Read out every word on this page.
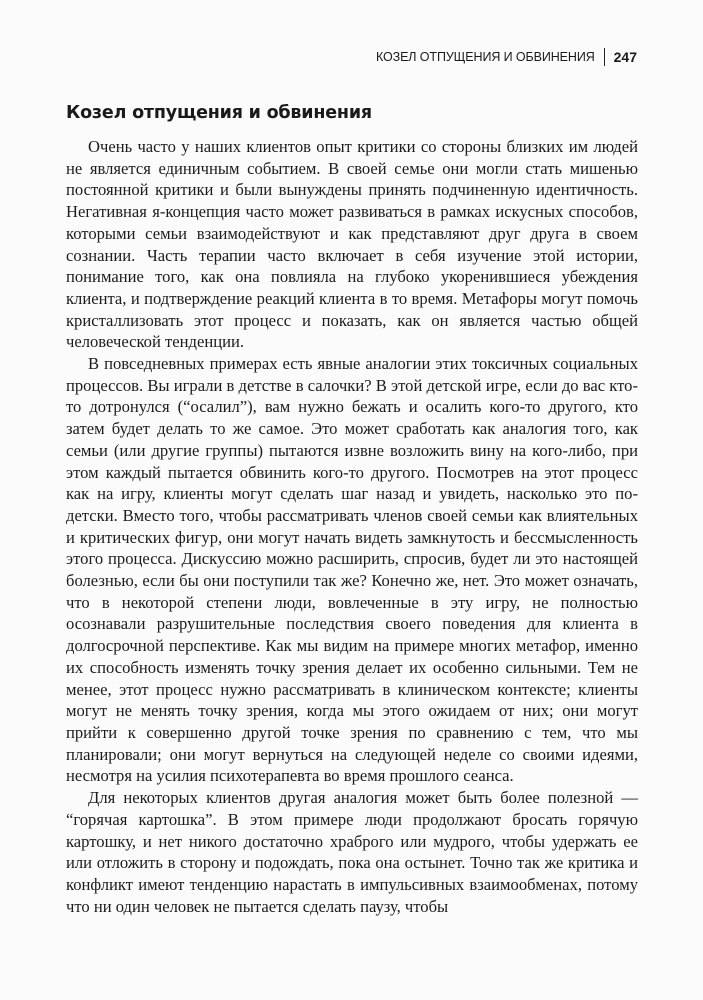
КОЗЕЛ ОТПУЩЕНИЯ И ОБВИНЕНИЯ 247
Козел отпущения и обвинения

Очень часто у наших клиентов опыт критики со стороны близких им людей не является единичным событием. В своей семье они могли стать мишенью постоянной критики и были вынуждены принять подчиненную идентичность. Негативная я-концепция часто может развиваться в рамках искусных способов, которыми семьи взаимодействуют и как представляют друг друга в своем сознании. Часть терапии часто включает в себя изучение этой истории, понимание того, как она повлияла на глубоко укоренившиеся убеждения клиента, и подтверждение реакций клиента в то время. Метафоры могут помочь кристаллизовать этот процесс и показать, как он является частью общей человеческой тенденции.

В повседневных примерах есть явные аналогии этих токсичных социальных процессов. Вы играли в детстве в салочки? В этой детской игре, если до вас кто-то дотронулся (“осалил”), вам нужно бежать и осалить кого-то другого, кто затем будет делать то же самое. Это может сработать как аналогия того, как семьи (или другие группы) пытаются извне возложить вину на кого-либо, при этом каждый пытается обвинить кого-то другого. Посмотрев на этот процесс как на игру, клиенты могут сделать шаг назад и увидеть, насколько это по-детски. Вместо того, чтобы рассматривать членов своей семьи как влиятельных и критических фигур, они могут начать видеть замкнутость и бессмысленность этого процесса. Дискуссию можно расширить, спросив, будет ли это настоящей болезнью, если бы они поступили так же? Конечно же, нет. Это может означать, что в некоторой степени люди, вовлеченные в эту игру, не полностью осознавали разрушительные последствия своего поведения для клиента в долгосрочной перспективе. Как мы видим на примере многих метафор, именно их способность изменять точку зрения делает их особенно сильными. Тем не менее, этот процесс нужно рассматривать в клиническом контексте; клиенты могут не менять точку зрения, когда мы этого ожидаем от них; они могут прийти к совершенно другой точке зрения по сравнению с тем, что мы планировали; они могут вернуться на следующей неделе со своими идеями, несмотря на усилия психотерапевта во время прошлого сеанса.

Для некоторых клиентов другая аналогия может быть более полезной — “горячая картошка”. В этом примере люди продолжают бросать горячую картошку, и нет никого достаточно храброго или мудрого, чтобы удержать ее или отложить в сторону и подождать, пока она остынет. Точно так же критика и конфликт имеют тенденцию нарастать в импульсивных взаимообменах, потому что ни один человек не пытается сделать паузу, чтобы
